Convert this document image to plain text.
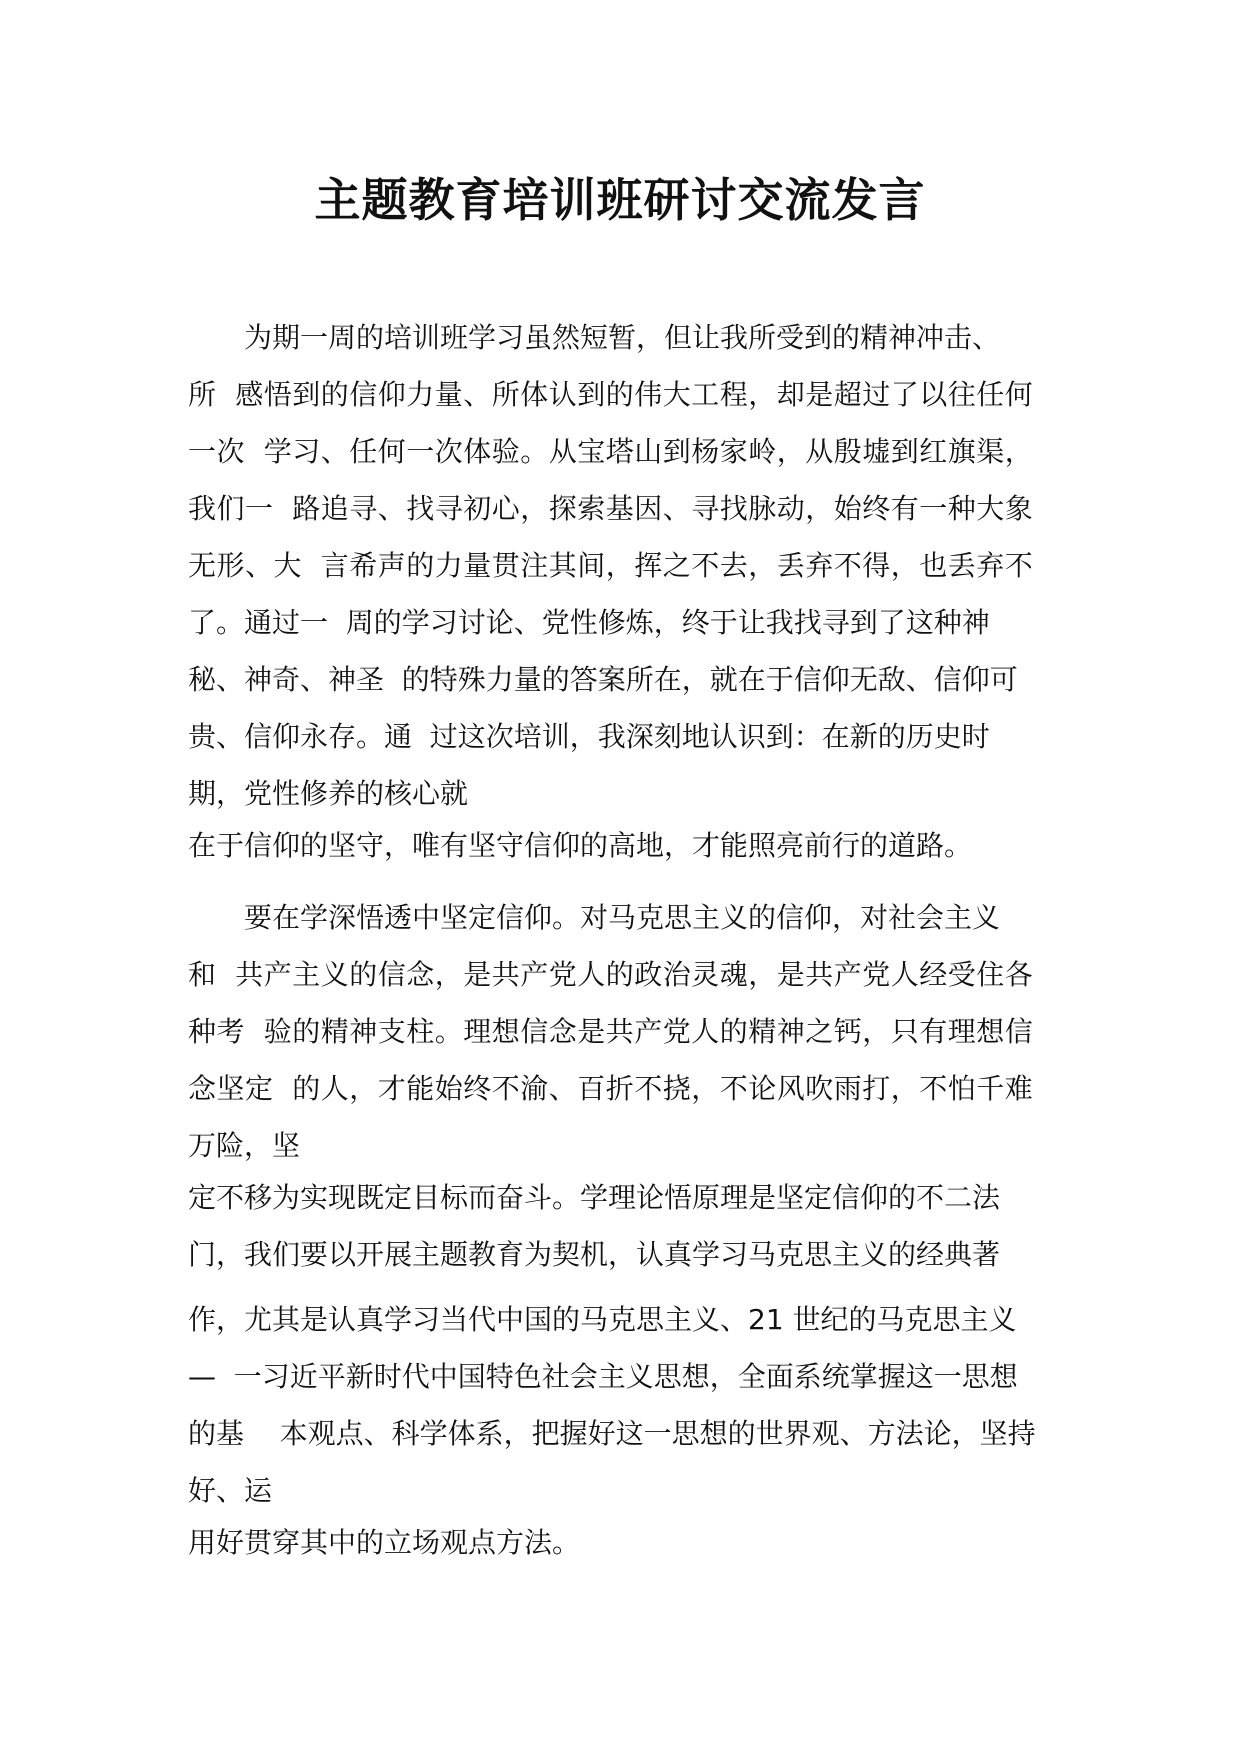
主题教育培训班研讨交流发言
为期一周的培训班学习虽然短暂，但让我所受到的精神冲击、
所  感悟到的信仰力量、所体认到的伟大工程，却是超过了以往任何
一次  学习、任何一次体验。从宝塔山到杨家岭，从殷墟到红旗渠，
我们一  路追寻、找寻初心，探索基因、寻找脉动，始终有一种大象
无形、大  言希声的力量贯注其间，挥之不去，丢弃不得，也丢弃不
了。通过一  周的学习讨论、党性修炼，终于让我找寻到了这种神
秘、神奇、神圣  的特殊力量的答案所在，就在于信仰无敌、信仰可
贵、信仰永存。通  过这次培训，我深刻地认识到：在新的历史时
期，党性修养的核心就
在于信仰的坚守，唯有坚守信仰的高地，才能照亮前行的道路。
要在学深悟透中坚定信仰。对马克思主义的信仰，对社会主义
和  共产主义的信念，是共产党人的政治灵魂，是共产党人经受住各
种考  验的精神支柱。理想信念是共产党人的精神之钙，只有理想信
念坚定  的人，才能始终不渝、百折不挠，不论风吹雨打，不怕千难
万险，坚
定不移为实现既定目标而奋斗。学理论悟原理是坚定信仰的不二法
门，我们要以开展主题教育为契机，认真学习马克思主义的经典著
作，尤其是认真学习当代中国的马克思主义、21 世纪的马克思主义
—  一习近平新时代中国特色社会主义思想，全面系统掌握这一思想
的基    本观点、科学体系，把握好这一思想的世界观、方法论，坚持
好、运
用好贯穿其中的立场观点方法。
